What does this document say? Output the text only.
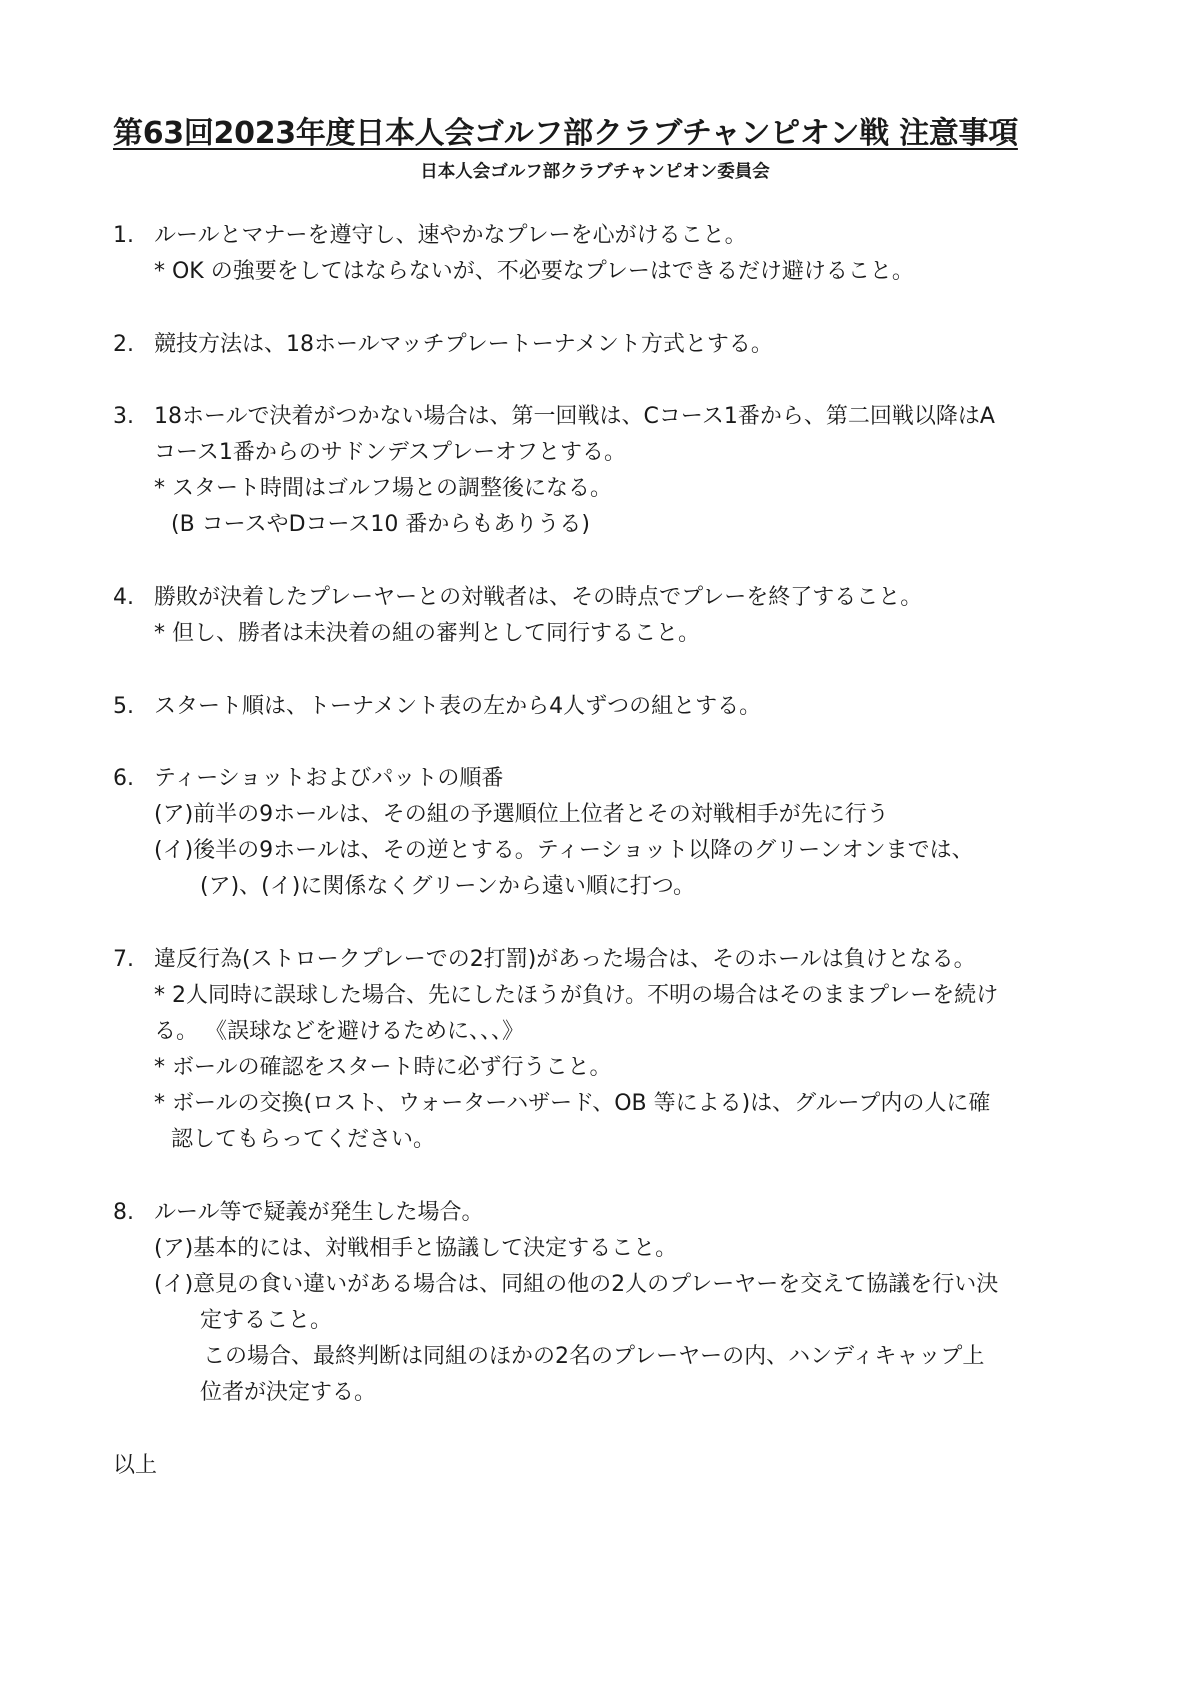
第63回2023年度日本人会ゴルフ部クラブチャンピオン戦 注意事項
日本人会ゴルフ部クラブチャンピオン委員会
1. ルールとマナーを遵守し、速やかなプレーを心がけること。
* OK の強要をしてはならないが、不必要なプレーはできるだけ避けること。
2. 競技方法は、18ホールマッチプレートーナメント方式とする。
3. 18ホールで決着がつかない場合は、第一回戦は、Cコース1番から、第二回戦以降はA
コース1番からのサドンデスプレーオフとする。
* スタート時間はゴルフ場との調整後になる。
(B コースやDコース10 番からもありうる)
4. 勝敗が決着したプレーヤーとの対戦者は、その時点でプレーを終了すること。
* 但し、勝者は未決着の組の審判として同行すること。
5. スタート順は、トーナメント表の左から4人ずつの組とする。
6. ティーショットおよびパットの順番
(ア)前半の9ホールは、その組の予選順位上位者とその対戦相手が先に行う
(イ)後半の9ホールは、その逆とする。ティーショット以降のグリーンオンまでは、
(ア)、(イ)に関係なくグリーンから遠い順に打つ。
7. 違反行為(ストロークプレーでの2打罰)があった場合は、そのホールは負けとなる。
* 2人同時に誤球した場合、先にしたほうが負け。不明の場合はそのままプレーを続け
る。 《誤球などを避けるために、、、》
* ボールの確認をスタート時に必ず行うこと。
* ボールの交換(ロスト、ウォーターハザード、OB 等による)は、グループ内の人に確
認してもらってください。
8. ルール等で疑義が発生した場合。
(ア)基本的には、対戦相手と協議して決定すること。
(イ)意見の食い違いがある場合は、同組の他の2人のプレーヤーを交えて協議を行い決
定すること。
この場合、最終判断は同組のほかの2名のプレーヤーの内、ハンディキャップ上
位者が決定する。
以上
